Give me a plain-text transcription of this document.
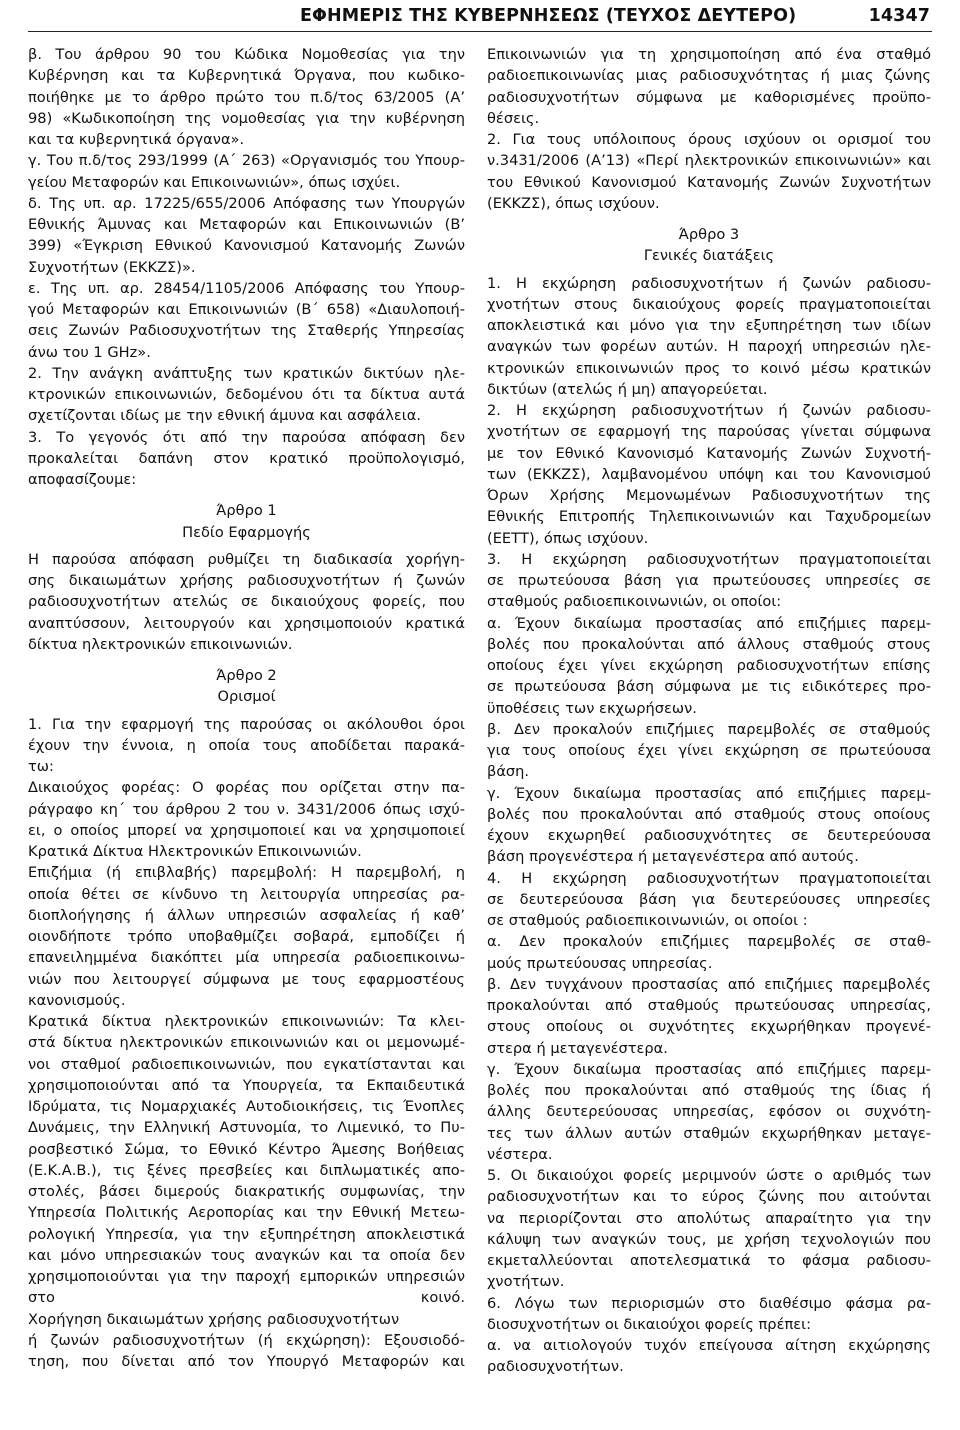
ΕΦΗΜΕΡΙΣ ΤΗΣ ΚΥΒΕΡΝΗΣΕΩΣ (ΤΕΥΧΟΣ ΔΕΥΤΕΡΟ)	14347
β. Του άρθρου 90 του Κώδικα Νομοθεσίας για την
Κυβέρνηση και τα Κυβερνητικά Όργανα, που κωδικο-
ποιήθηκε με το άρθρο πρώτο του π.δ/τος 63/2005 (Α’
98) «Κωδικοποίηση της νομοθεσίας για την κυβέρνηση
και τα κυβερνητικά όργανα».
γ. Του π.δ/τος 293/1999 (Α΄ 263) «Οργανισμός του Υπουρ-
γείου Μεταφορών και Επικοινωνιών», όπως ισχύει.
δ. Της υπ. αρ. 17225/655/2006 Απόφασης των Υπουργών
Εθνικής Άμυνας και Μεταφορών και Επικοινωνιών (Β’
399) «Έγκριση Εθνικού Κανονισμού Κατανομής Ζωνών
Συχνοτήτων (ΕΚΚΖΣ)».
ε. Της υπ. αρ. 28454/1105/2006 Απόφασης του Υπουρ-
γού Μεταφορών και Επικοινωνιών (Β΄ 658) «Διαυλοποιή-
σεις Ζωνών Ραδιοσυχνοτήτων της Σταθερής Υπηρεσίας
άνω του 1 GHz».
2. Την ανάγκη ανάπτυξης των κρατικών δικτύων ηλε-
κτρονικών επικοινωνιών, δεδομένου ότι τα δίκτυα αυτά
σχετίζονται ιδίως με την εθνική άμυνα και ασφάλεια.
3. Το γεγονός ότι από την παρούσα απόφαση δεν
προκαλείται δαπάνη στον κρατικό προϋπολογισμό,
αποφασίζουμε:
Άρθρο 1
Πεδίο Εφαρμογής
Η παρούσα απόφαση ρυθμίζει τη διαδικασία χορήγη-
σης δικαιωμάτων χρήσης ραδιοσυχνοτήτων ή ζωνών
ραδιοσυχνοτήτων ατελώς σε δικαιούχους φορείς, που
αναπτύσσουν, λειτουργούν και χρησιμοποιούν κρατικά
δίκτυα ηλεκτρονικών επικοινωνιών.
Άρθρο 2
Ορισμοί
1. Για την εφαρμογή της παρούσας οι ακόλουθοι όροι
έχουν την έννοια, η οποία τους αποδίδεται παρακά-
τω:
Δικαιούχος φορέας: Ο φορέας που ορίζεται στην πα-
ράγραφο κη΄ του άρθρου 2 του ν. 3431/2006 όπως ισχύ-
ει, ο οποίος μπορεί να χρησιμοποιεί και να χρησιμοποιεί
Κρατικά Δίκτυα Ηλεκτρονικών Επικοινωνιών.
Επιζήμια (ή επιβλαβής) παρεμβολή: Η παρεμβολή, η
οποία θέτει σε κίνδυνο τη λειτουργία υπηρεσίας ρα-
διοπλοήγησης ή άλλων υπηρεσιών ασφαλείας ή καθ’
οιονδήποτε τρόπο υποβαθμίζει σοβαρά, εμποδίζει ή
επανειλημμένα διακόπτει μία υπηρεσία ραδιοεπικοινω-
νιών που λειτουργεί σύμφωνα με τους εφαρμοστέους
κανονισμούς.
Κρατικά δίκτυα ηλεκτρονικών επικοινωνιών: Τα κλει-
στά δίκτυα ηλεκτρονικών επικοινωνιών και οι μεμονωμέ-
νοι σταθμοί ραδιοεπικοινωνιών, που εγκατίστανται και
χρησιμοποιούνται από τα Υπουργεία, τα Εκπαιδευτικά
Ιδρύματα, τις Νομαρχιακές Αυτοδιοικήσεις, τις Ένοπλες
Δυνάμεις, την Ελληνική Αστυνομία, το Λιμενικό, το Πυ-
ροσβεστικό Σώμα, το Εθνικό Κέντρο Άμεσης Βοήθειας
(Ε.Κ.Α.Β.), τις ξένες πρεσβείες και διπλωματικές απο-
στολές, βάσει διμερούς διακρατικής συμφωνίας, την
Υπηρεσία Πολιτικής Αεροπορίας και την Εθνική Μετεω-
ρολογική Υπηρεσία, για την εξυπηρέτηση αποκλειστικά
και μόνο υπηρεσιακών τους αναγκών και τα οποία δεν
χρησιμοποιούνται για την παροχή εμπορικών υπηρεσιών
στο κοινό.
Χορήγηση δικαιωμάτων χρήσης ραδιοσυχνοτήτων
ή ζωνών ραδιοσυχνοτήτων (ή εκχώρηση): Εξουσιοδό-
τηση, που δίνεται από τον Υπουργό Μεταφορών και
Επικοινωνιών για τη χρησιμοποίηση από ένα σταθμό
ραδιοεπικοινωνίας μιας ραδιοσυχνότητας ή μιας ζώνης
ραδιοσυχνοτήτων σύμφωνα με καθορισμένες προϋπο-
θέσεις.
2. Για τους υπόλοιπους όρους ισχύουν οι ορισμοί του
ν.3431/2006 (Α’13) «Περί ηλεκτρονικών επικοινωνιών» και
του Εθνικού Κανονισμού Κατανομής Ζωνών Συχνοτήτων
(ΕΚΚΖΣ), όπως ισχύουν.
Άρθρο 3
Γενικές διατάξεις
1. Η εκχώρηση ραδιοσυχνοτήτων ή ζωνών ραδιοσυ-
χνοτήτων στους δικαιούχους φορείς πραγματοποιείται
αποκλειστικά και μόνο για την εξυπηρέτηση των ιδίων
αναγκών των φορέων αυτών. Η παροχή υπηρεσιών ηλε-
κτρονικών επικοινωνιών προς το κοινό μέσω κρατικών
δικτύων (ατελώς ή μη) απαγορεύεται.
2. Η εκχώρηση ραδιοσυχνοτήτων ή ζωνών ραδιοσυ-
χνοτήτων σε εφαρμογή της παρούσας γίνεται σύμφωνα
με τον Εθνικό Κανονισμό Κατανομής Ζωνών Συχνοτή-
των (ΕΚΚΖΣ), λαμβανομένου υπόψη και του Κανονισμού
Όρων Χρήσης Μεμονωμένων Ραδιοσυχνοτήτων της
Εθνικής Επιτροπής Τηλεπικοινωνιών και Ταχυδρομείων
(ΕΕΤΤ), όπως ισχύουν.
3. Η εκχώρηση ραδιοσυχνοτήτων πραγματοποιείται
σε πρωτεύουσα βάση για πρωτεύουσες υπηρεσίες σε
σταθμούς ραδιοεπικοινωνιών, οι οποίοι:
α. Έχουν δικαίωμα προστασίας από επιζήμιες παρεμ-
βολές που προκαλούνται από άλλους σταθμούς στους
οποίους έχει γίνει εκχώρηση ραδιοσυχνοτήτων επίσης
σε πρωτεύουσα βάση σύμφωνα με τις ειδικότερες προ-
ϋποθέσεις των εκχωρήσεων.
β. Δεν προκαλούν επιζήμιες παρεμβολές σε σταθμούς
για τους οποίους έχει γίνει εκχώρηση σε πρωτεύουσα
βάση.
γ. Έχουν δικαίωμα προστασίας από επιζήμιες παρεμ-
βολές που προκαλούνται από σταθμούς στους οποίους
έχουν εκχωρηθεί ραδιοσυχνότητες σε δευτερεύουσα
βάση προγενέστερα ή μεταγενέστερα από αυτούς.
4. Η εκχώρηση ραδιοσυχνοτήτων πραγματοποιείται
σε δευτερεύουσα βάση για δευτερεύουσες υπηρεσίες
σε σταθμούς ραδιοεπικοινωνιών, οι οποίοι :
α. Δεν προκαλούν επιζήμιες παρεμβολές σε σταθ-
μούς πρωτεύουσας υπηρεσίας.
β. Δεν τυγχάνουν προστασίας από επιζήμιες παρεμβολές
προκαλούνται από σταθμούς πρωτεύουσας υπηρεσίας,
στους οποίους οι συχνότητες εκχωρήθηκαν προγενέ-
στερα ή μεταγενέστερα.
γ. Έχουν δικαίωμα προστασίας από επιζήμιες παρεμ-
βολές που προκαλούνται από σταθμούς της ίδιας ή
άλλης δευτερεύουσας υπηρεσίας, εφόσον οι συχνότη-
τες των άλλων αυτών σταθμών εκχωρήθηκαν μεταγε-
νέστερα.
5. Οι δικαιούχοι φορείς μεριμνούν ώστε ο αριθμός των
ραδιοσυχνοτήτων και το εύρος ζώνης που αιτούνται
να περιορίζονται στο απολύτως απαραίτητο για την
κάλυψη των αναγκών τους, με χρήση τεχνολογιών που
εκμεταλλεύονται αποτελεσματικά το φάσμα ραδιοσυ-
χνοτήτων.
6. Λόγω των περιορισμών στο διαθέσιμο φάσμα ρα-
διοσυχνοτήτων οι δικαιούχοι φορείς πρέπει:
α. να αιτιολογούν τυχόν επείγουσα αίτηση εκχώρησης
ραδιοσυχνοτήτων.
